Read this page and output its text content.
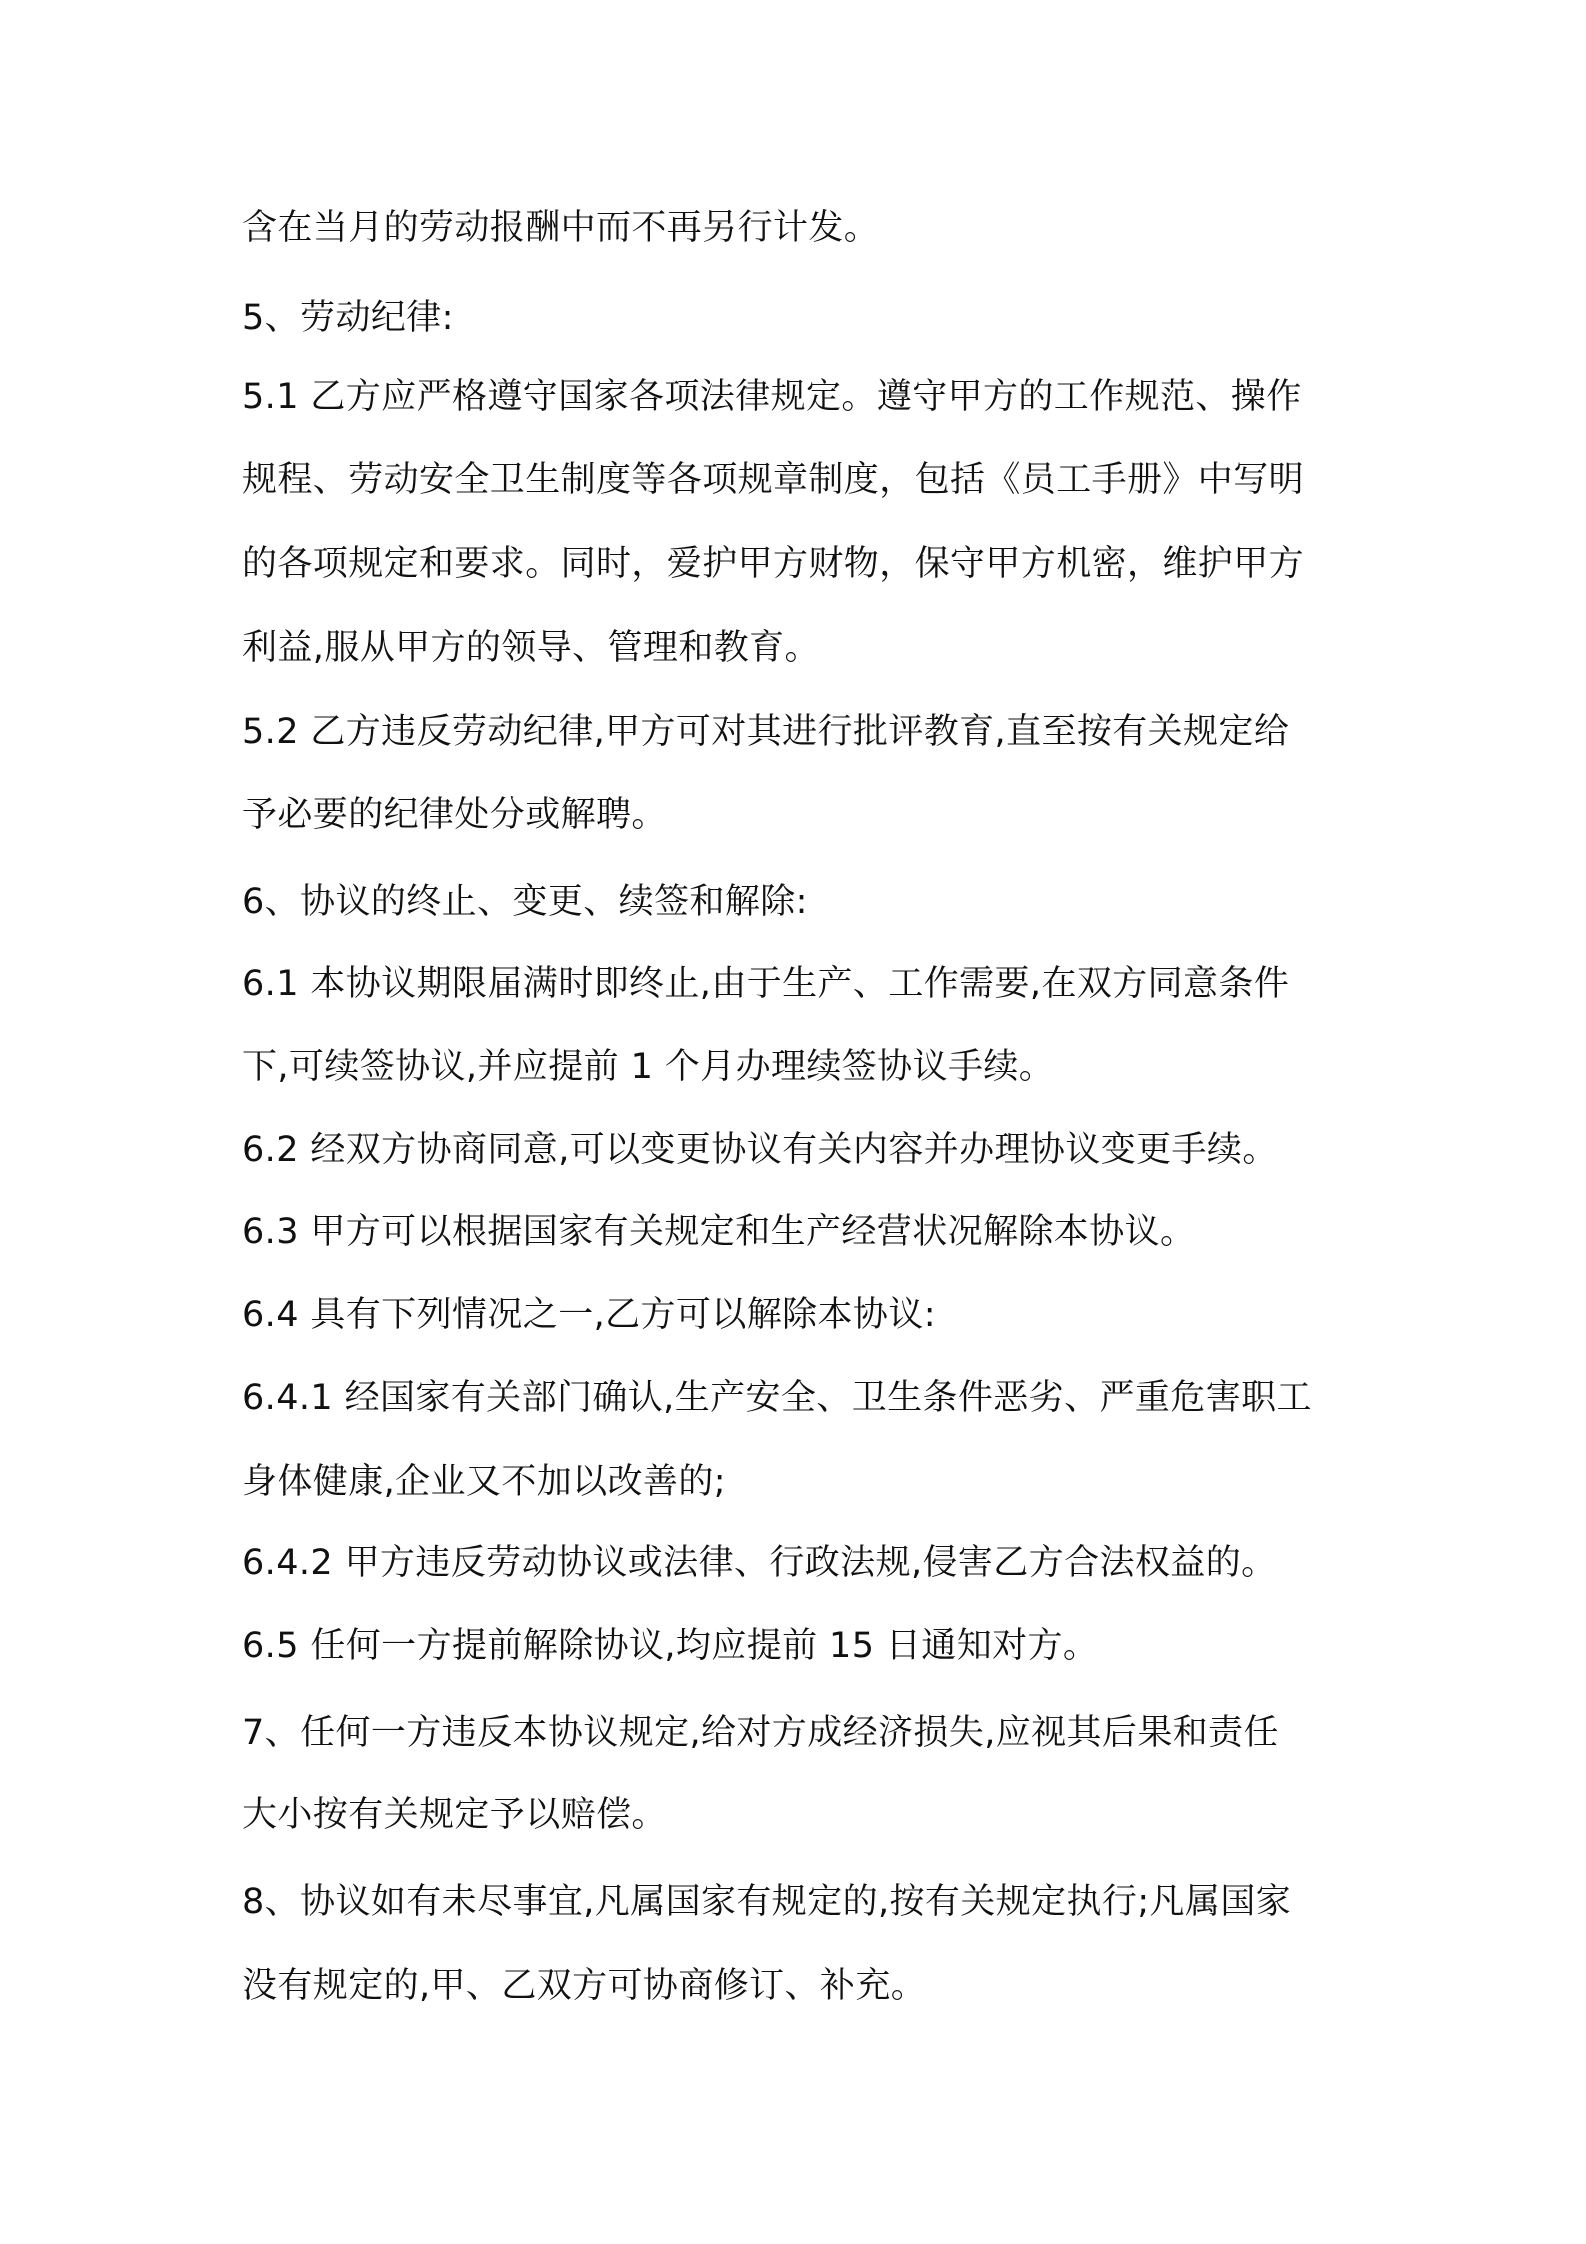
含在当月的劳动报酬中而不再另行计发。

5、劳动纪律:

5.1 乙方应严格遵守国家各项法律规定。遵守甲方的工作规范、操作

规程、劳动安全卫生制度等各项规章制度，包括《员工手册》中写明

的各项规定和要求。同时，爱护甲方财物，保守甲方机密，维护甲方

利益,服从甲方的领导、管理和教育。

5.2 乙方违反劳动纪律,甲方可对其进行批评教育,直至按有关规定给

予必要的纪律处分或解聘。

6、协议的终止、变更、续签和解除:

6.1 本协议期限届满时即终止,由于生产、工作需要,在双方同意条件

下,可续签协议,并应提前 1 个月办理续签协议手续。

6.2 经双方协商同意,可以变更协议有关内容并办理协议变更手续。

6.3 甲方可以根据国家有关规定和生产经营状况解除本协议。

6.4 具有下列情况之一,乙方可以解除本协议:

6.4.1 经国家有关部门确认,生产安全、卫生条件恶劣、严重危害职工

身体健康,企业又不加以改善的;

6.4.2 甲方违反劳动协议或法律、行政法规,侵害乙方合法权益的。

6.5 任何一方提前解除协议,均应提前 15 日通知对方。

7、任何一方违反本协议规定,给对方成经济损失,应视其后果和责任

大小按有关规定予以赔偿。

8、协议如有未尽事宜,凡属国家有规定的,按有关规定执行;凡属国家

没有规定的,甲、乙双方可协商修订、补充。
